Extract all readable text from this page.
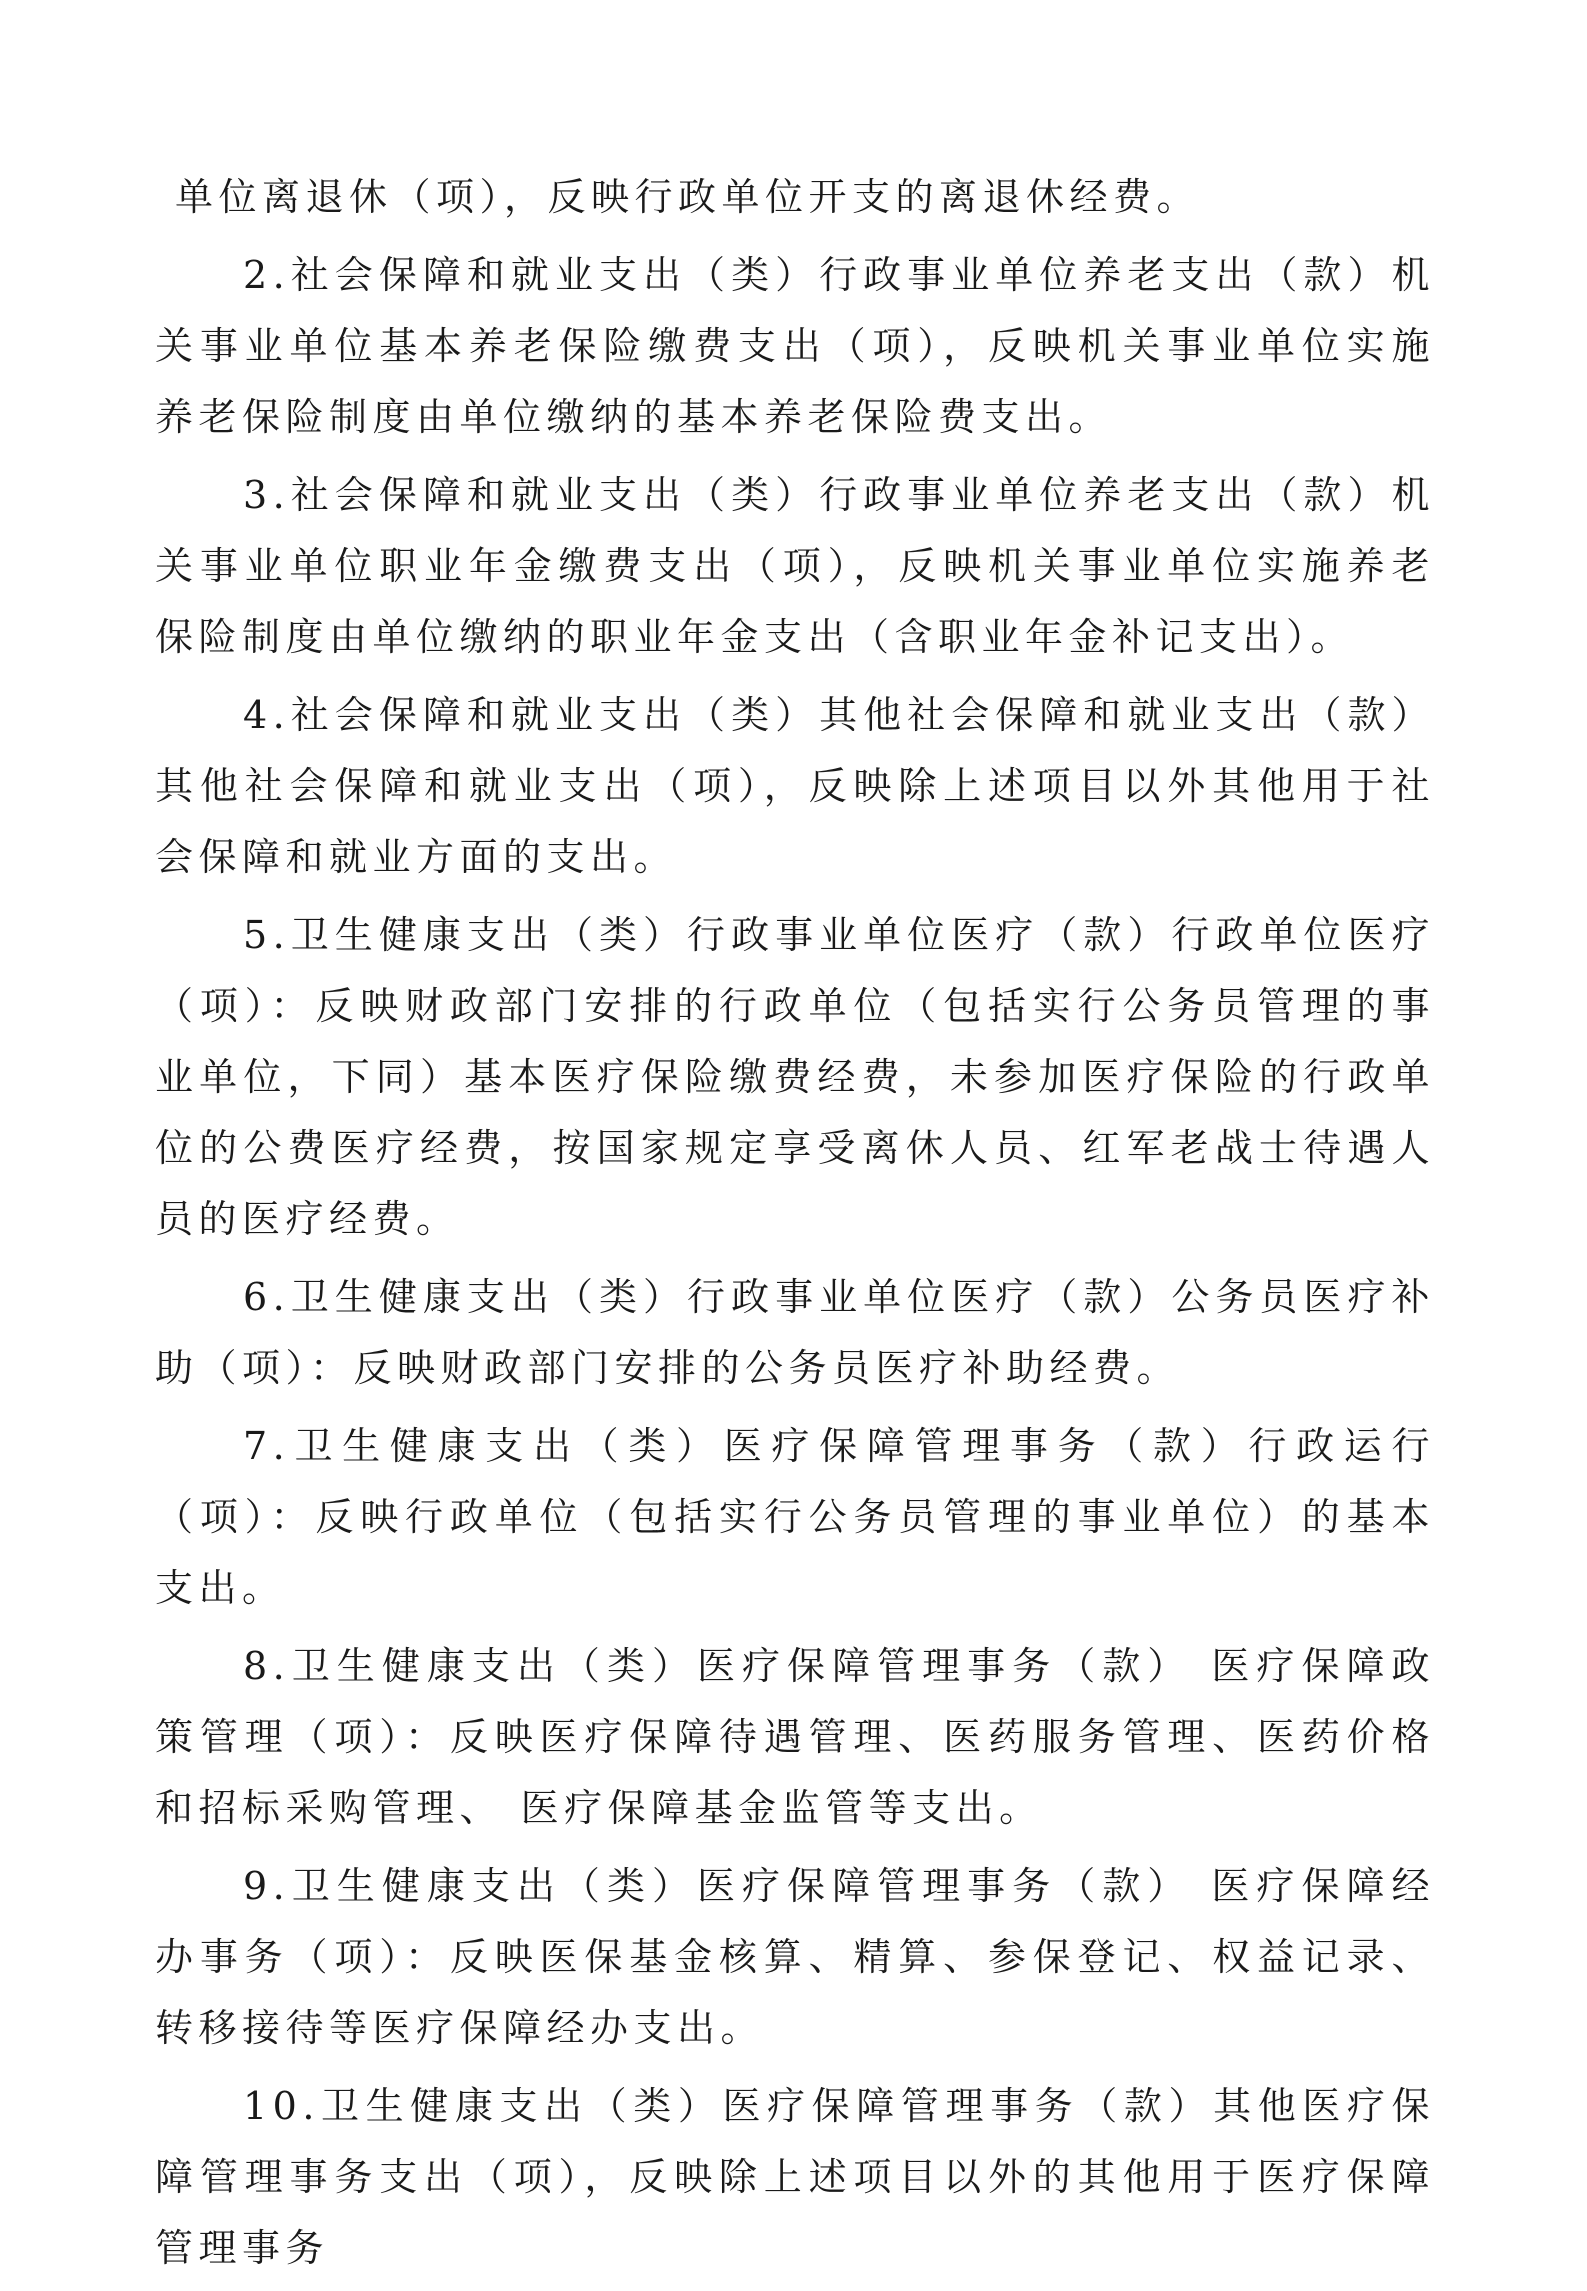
单位离退休（项），反映行政单位开支的离退休经费。

2.社会保障和就业支出（类）行政事业单位养老支出（款）机关事业单位基本养老保险缴费支出（项），反映机关事业单位实施养老保险制度由单位缴纳的基本养老保险费支出。

3.社会保障和就业支出（类）行政事业单位养老支出（款）机关事业单位职业年金缴费支出（项），反映机关事业单位实施养老保险制度由单位缴纳的职业年金支出（含职业年金补记支出）。

4.社会保障和就业支出（类）其他社会保障和就业支出（款）其他社会保障和就业支出（项），反映除上述项目以外其他用于社会保障和就业方面的支出。

5.卫生健康支出（类）行政事业单位医疗（款）行政单位医疗（项）：反映财政部门安排的行政单位（包括实行公务员管理的事业单位，下同）基本医疗保险缴费经费，未参加医疗保险的行政单位的公费医疗经费，按国家规定享受离休人员、红军老战士待遇人员的医疗经费。

6.卫生健康支出（类）行政事业单位医疗（款）公务员医疗补助（项）：反映财政部门安排的公务员医疗补助经费。

7.卫生健康支出（类）医疗保障管理事务（款）行政运行（项）：反映行政单位（包括实行公务员管理的事业单位）的基本支出。

8.卫生健康支出（类）医疗保障管理事务（款） 医疗保障政策管理（项）：反映医疗保障待遇管理、医药服务管理、医药价格和招标采购管理、 医疗保障基金监管等支出。

9.卫生健康支出（类）医疗保障管理事务（款） 医疗保障经办事务（项）：反映医保基金核算、精算、参保登记、权益记录、转移接待等医疗保障经办支出。

10.卫生健康支出（类）医疗保障管理事务（款）其他医疗保障管理事务支出（项），反映除上述项目以外的其他用于医疗保障管理事务
